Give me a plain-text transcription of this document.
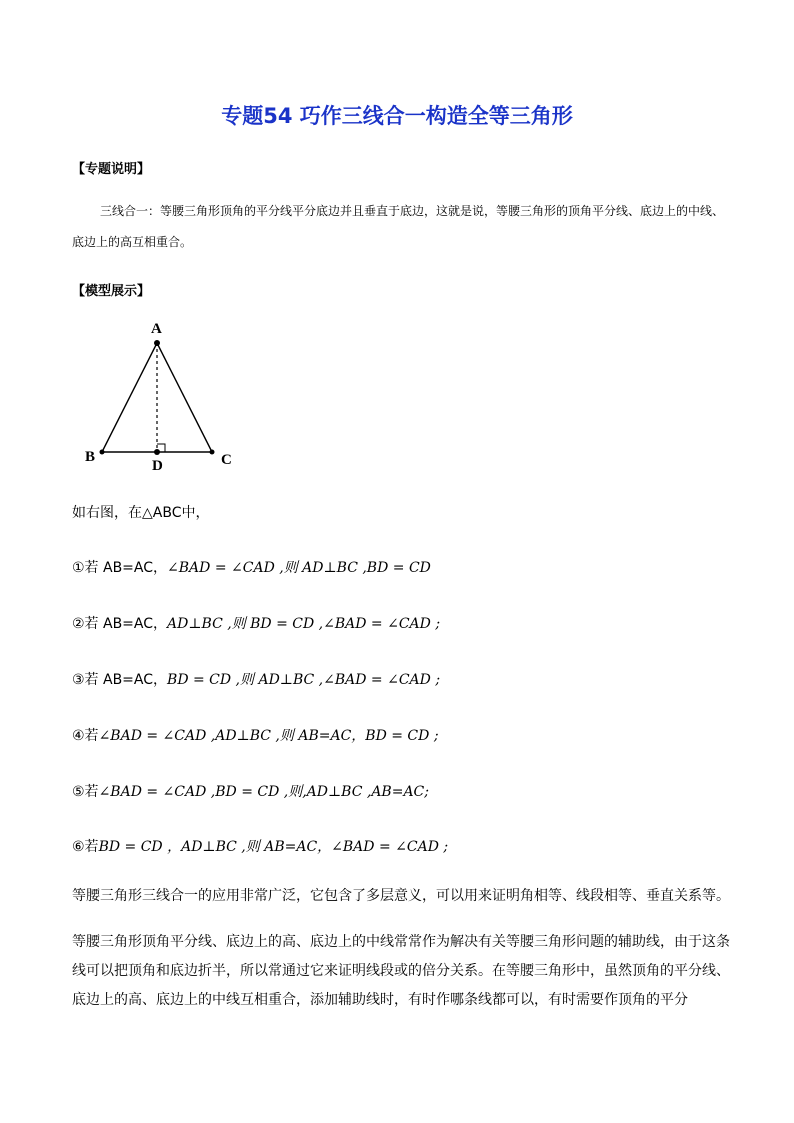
专题54 巧作三线合一构造全等三角形
【专题说明】
三线合一：等腰三角形顶角的平分线平分底边并且垂直于底边，这就是说，等腰三角形的顶角平分线、底边上的中线、底边上的高互相重合。
【模型展示】
A
B	C
D
如右图，在△ABC中，
①若 AB=AC，∠BAD = ∠CAD ,则 AD⊥BC ,BD = CD
②若 AB=AC，AD⊥BC ,则 BD = CD ,∠BAD = ∠CAD ;
③若 AB=AC，BD = CD ,则 AD⊥BC ,∠BAD = ∠CAD ;
④若∠BAD = ∠CAD ,AD⊥BC ,则 AB=AC，BD = CD ;
⑤若∠BAD = ∠CAD ,BD = CD ,则,AD⊥BC ,AB=AC;
⑥若BD = CD ，AD⊥BC ,则 AB=AC，∠BAD = ∠CAD ;
等腰三角形三线合一的应用非常广泛，它包含了多层意义，可以用来证明角相等、线段相等、垂直关系等。
等腰三角形顶角平分线、底边上的高、底边上的中线常常作为解决有关等腰三角形问题的辅助线，由于这条线可以把顶角和底边折半，所以常通过它来证明线段或的倍分关系。在等腰三角形中，虽然顶角的平分线、底边上的高、底边上的中线互相重合，添加辅助线时，有时作哪条线都可以，有时需要作顶角的平分
